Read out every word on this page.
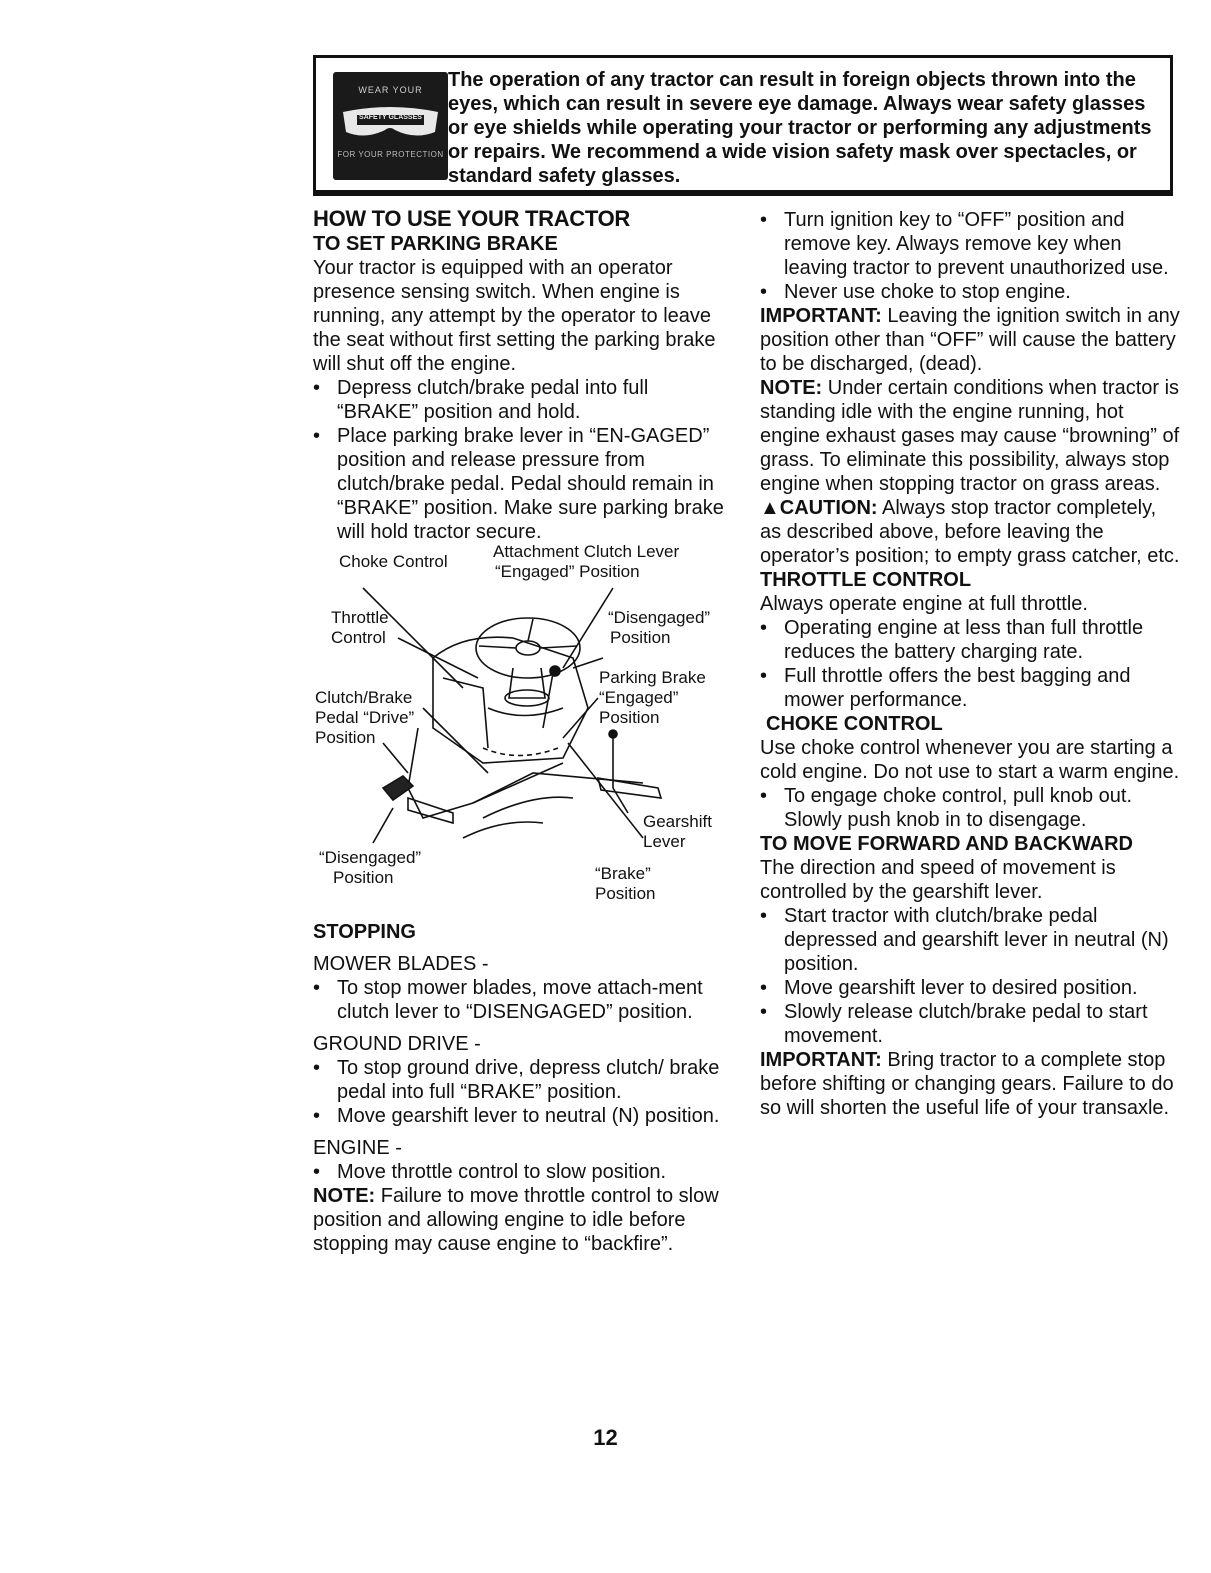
WEAR YOUR
SAFETY GLASSES
FOR YOUR PROTECTION
The operation of any tractor can result in foreign objects thrown into the eyes, which can result in severe eye damage. Always wear safety glasses or eye shields while operating your tractor or performing any adjustments or repairs. We recommend a wide vision safety mask over spectacles, or standard safety glasses.
HOW TO USE YOUR TRACTOR
TO SET PARKING BRAKE

Your tractor is equipped with an operator presence sensing switch. When engine is running, any attempt by the operator to leave the seat without first setting the parking brake will shut off the engine.

• Depress clutch/brake pedal into full “BRAKE” position and hold.

• Place parking brake lever in “EN-GAGED” position and release pressure from clutch/brake pedal. Pedal should remain in “BRAKE” position. Make sure parking brake will hold tractor secure.

Choke Control
Attachment Clutch Lever
“Engaged” Position
Throttle
Control
“Disengaged”
Position
Parking Brake
“Engaged”
Position
Clutch/Brake
Pedal “Drive”
Position
Gearshift
Lever
“Disengaged”
Position	“Brake”
Position
STOPPING

MOWER BLADES -

• To stop mower blades, move attach-ment clutch lever to “DISENGAGED” position.

GROUND DRIVE -

• To stop ground drive, depress clutch/ brake pedal into full “BRAKE” position.

• Move gearshift lever to neutral (N) position.

ENGINE -

• Move throttle control to slow position.

NOTE: Failure to move throttle control to slow position and allowing engine to idle before stopping may cause engine to “backfire”.

• Turn ignition key to “OFF” position and remove key. Always remove key when leaving tractor to prevent unauthorized use.

• Never use choke to stop engine.

IMPORTANT: Leaving the ignition switch in any position other than “OFF” will cause the battery to be discharged, (dead).

NOTE: Under certain conditions when tractor is standing idle with the engine running, hot engine exhaust gases may cause “browning” of grass. To eliminate this possibility, always stop engine when stopping tractor on grass areas.

▲CAUTION: Always stop tractor completely, as described above, before leaving the operator’s position; to empty grass catcher, etc.

THROTTLE CONTROL

Always operate engine at full throttle.

• Operating engine at less than full throttle reduces the battery charging rate.

• Full throttle offers the best bagging and mower performance.

CHOKE CONTROL

Use choke control whenever you are starting a cold engine. Do not use to start a warm engine.

• To engage choke control, pull knob out. Slowly push knob in to disengage.

TO MOVE FORWARD AND BACKWARD

The direction and speed of movement is controlled by the gearshift lever.

• Start tractor with clutch/brake pedal depressed and gearshift lever in neutral (N) position.

• Move gearshift lever to desired position.

• Slowly release clutch/brake pedal to start movement.

IMPORTANT: Bring tractor to a complete stop before shifting or changing gears. Failure to do so will shorten the useful life of your transaxle.

12
